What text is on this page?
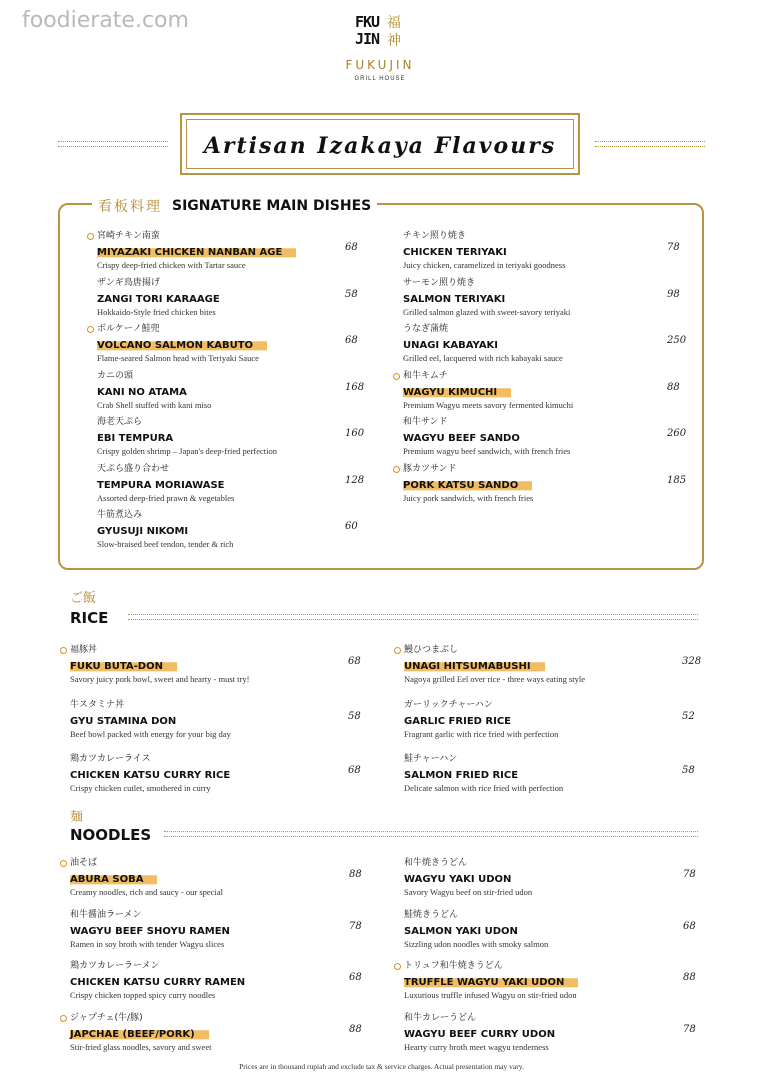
foodierate.com	FKU
JIN
福
神
FUKUJIN
GRILL HOUSE
Artisan Izakaya Flavours
看板料理 SIGNATURE MAIN DISHES
宮崎チキン南蛮
MIYAZAKI CHICKEN NANBAN AGE

Crispy deep-fried chicken with Tartar sauce
68
ザンギ鳥唐揚げ
ZANGI TORI KARAAGE

Hokkaido-Style fried chicken bites
58
ボルケーノ鮭兜
VOLCANO SALMON KABUTO

Flame-seared Salmon head with Teriyaki Sauce
68
カニの頭
KANI NO ATAMA

Crab Shell stuffed with kani miso
168
海老天ぷら
EBI TEMPURA

Crispy golden shrimp – Japan's deep-fried perfection
160
天ぷら盛り合わせ
TEMPURA MORIAWASE

Assorted deep-fried prawn & vegetables
128
牛筋煮込み
GYUSUJI NIKOMI

Slow-braised beef tendon, tender & rich
60
チキン照り焼き
CHICKEN TERIYAKI

Juicy chicken, caramelized in teriyaki goodness
78
サーモン照り焼き
SALMON TERIYAKI

Grilled salmon glazed with sweet-savory teriyaki
98
うなぎ蒲焼
UNAGI KABAYAKI

Grilled eel, lacquered with rich kabayaki sauce
250
和牛キムチ
WAGYU KIMUCHI

Premium Wagyu meets savory fermented kimuchi
88
和牛サンド
WAGYU BEEF SANDO

Premium wagyu beef sandwich, with french fries
260
豚カツサンド
PORK KATSU SANDO

Juicy pork sandwich, with french fries
185
ご飯
RICE
福豚丼
FUKU BUTA-DON

Savory juicy pork bowl, sweet and hearty - must try!
68
牛スタミナ丼
GYU STAMINA DON

Beef bowl packed with energy for your big day
58
鶏カツカレーライス
CHICKEN KATSU CURRY RICE

Crispy chicken cutlet, smothered in curry
68
鰻ひつまぶし
UNAGI HITSUMABUSHI

Nagoya grilled Eel over rice - three ways eating style
328
ガーリックチャーハン
GARLIC FRIED RICE

Fragrant garlic with rice fried with perfection
52
鮭チャーハン
SALMON FRIED RICE

Delicate salmon with rice fried with perfection
58
麺
NOODLES
油そば
ABURA SOBA

Creamy noodles, rich and saucy - our special
88
和牛醤油ラーメン
WAGYU BEEF SHOYU RAMEN

Ramen in soy broth with tender Wagyu slices
78
鶏カツカレーラーメン
CHICKEN KATSU CURRY RAMEN

Crispy chicken topped spicy curry noodles
68
ジャプチェ(牛/豚)
JAPCHAE (BEEF/PORK)

Stir-fried glass noodles, savory and sweet
88
和牛焼きうどん
WAGYU YAKI UDON

Savory Wagyu beef on stir-fried udon
78
鮭焼きうどん
SALMON YAKI UDON

Sizzling udon noodles with smoky salmon
68
トリュフ和牛焼きうどん
TRUFFLE WAGYU YAKI UDON

Luxurious truffle infused Wagyu on stir-fried udon
88
和牛カレーうどん
WAGYU BEEF CURRY UDON

Hearty curry broth meet wagyu tenderness
78
Prices are in thousand rupiah and exclude tax & service charges. Actual presentation may vary.
